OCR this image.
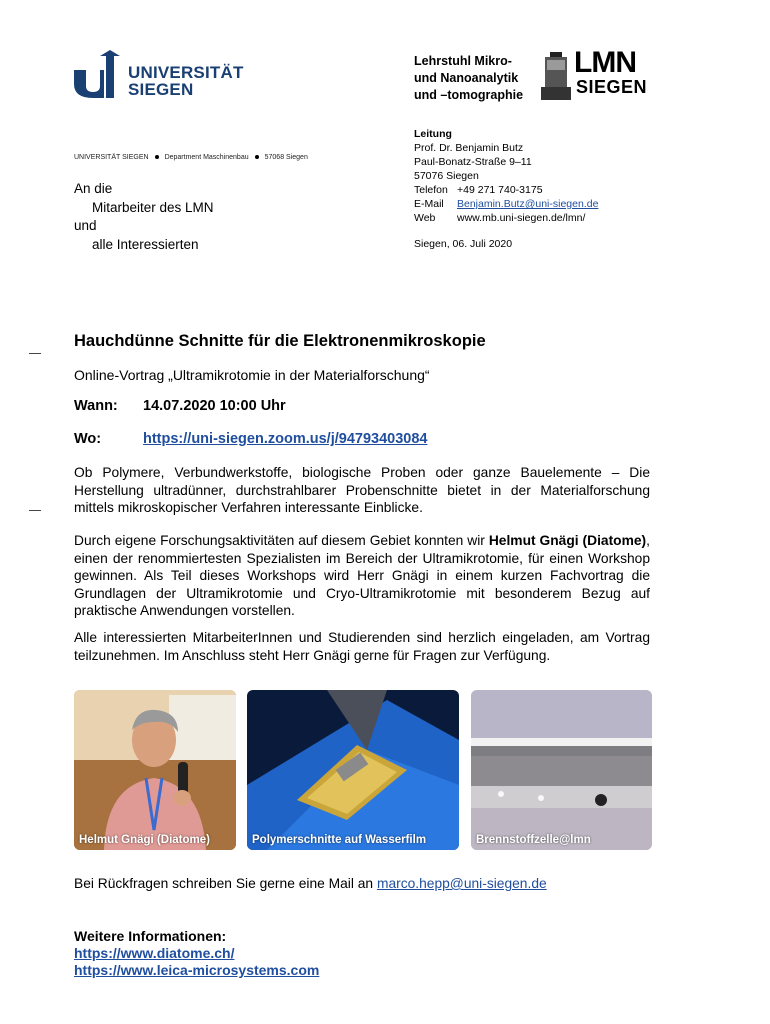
UNIVERSITÄT
SIEGEN
Lehrstuhl Mikro-
und Nanoanalytik
und –tomographie
LMN
SIEGEN
UNIVERSITÄT SIEGEN Department Maschinenbau 57068 Siegen
Leitung
Prof. Dr. Benjamin Butz
Paul-Bonatz-Straße 9–11
57076 Siegen
Telefon +49 271 740-3175
E-Mail Benjamin.Butz@uni-siegen.de
Web www.mb.uni-siegen.de/lmn/
Siegen, 06. Juli 2020
An die
Mitarbeiter des LMN
und
alle Interessierten
Hauchdünne Schnitte für die Elektronenmikroskopie
Online-Vortrag „Ultramikrotomie in der Materialforschung“
Wann: 14.07.2020 10:00 Uhr
Wo:	https://uni-siegen.zoom.us/j/94793403084
Ob Polymere, Verbundwerkstoffe, biologische Proben oder ganze Bauelemente – Die Herstellung ultradünner, durchstrahlbarer Probenschnitte bietet in der Materialforschung mittels mikroskopischer Verfahren interessante Einblicke.
Durch eigene Forschungsaktivitäten auf diesem Gebiet konnten wir Helmut Gnägi (Diatome), einen der renommiertesten Spezialisten im Bereich der Ultramikrotomie, für einen Workshop gewinnen. Als Teil dieses Workshops wird Herr Gnägi in einem kurzen Fachvortrag die Grundlagen der Ultramikrotomie und Cryo-Ultramikrotomie mit besonderem Bezug auf praktische Anwendungen vorstellen.
Alle interessierten MitarbeiterInnen und Studierenden sind herzlich eingeladen, am Vortrag teilzunehmen. Im Anschluss steht Herr Gnägi gerne für Fragen zur Verfügung.
Helmut Gnägi (Diatome)	Polymerschnitte auf Wasserfilm	Brennstoffzelle@lmn
Bei Rückfragen schreiben Sie gerne eine Mail an marco.hepp@uni-siegen.de
Weitere Informationen:
https://www.diatome.ch/
https://www.leica-microsystems.com
